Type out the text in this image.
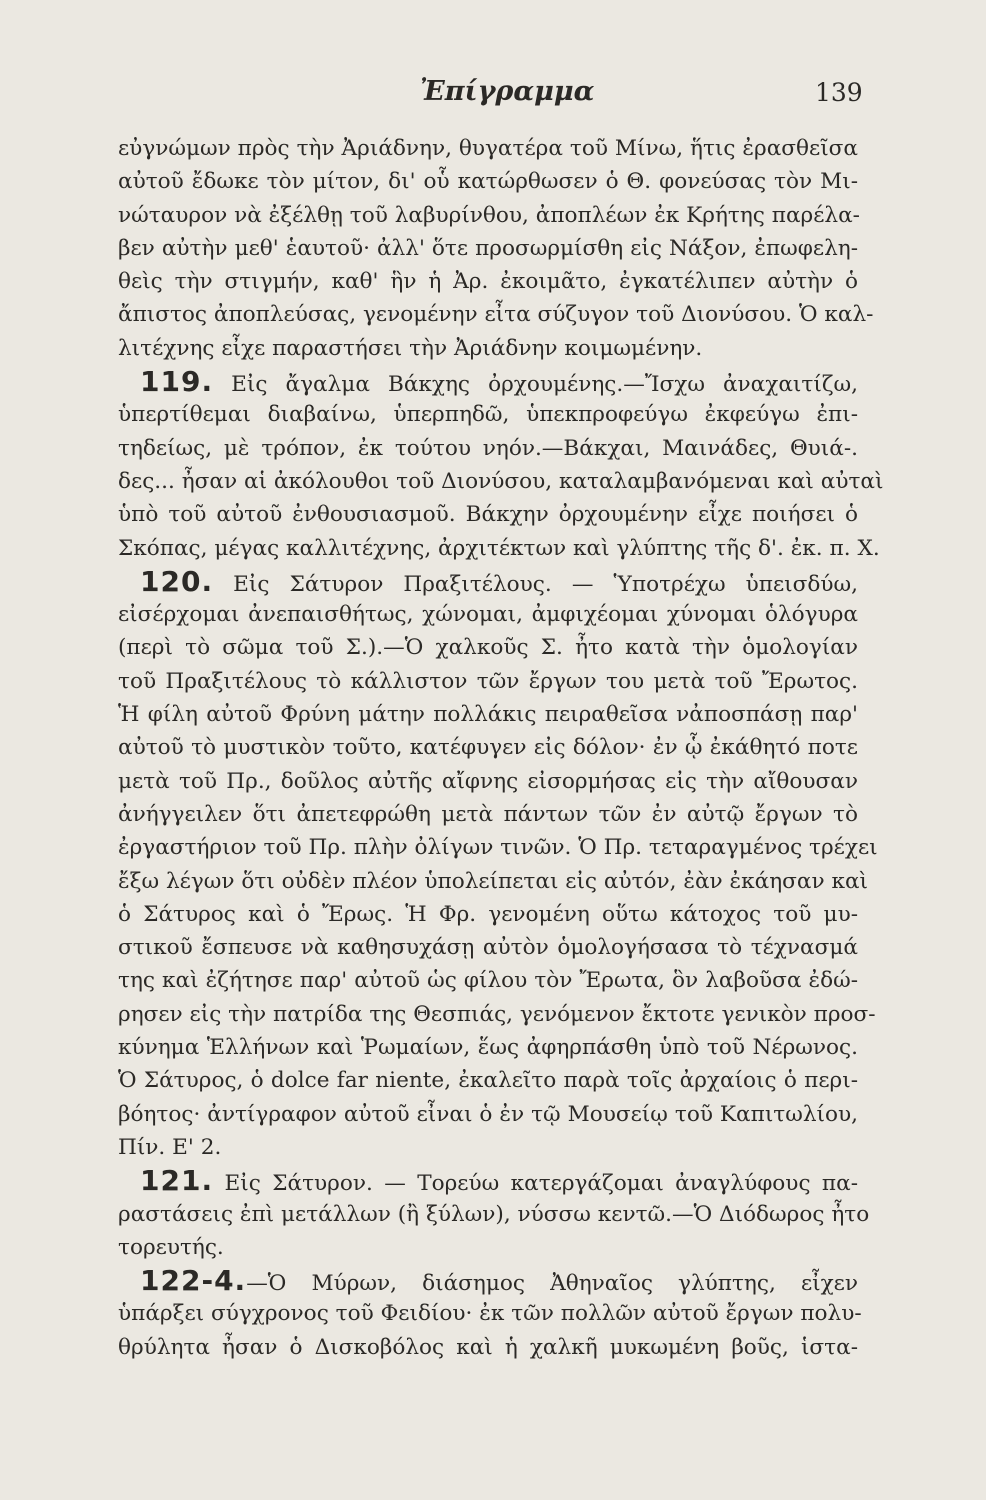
Ἐπίγραμμα	139
εὐγνώμων πρὸς τὴν Ἀριάδνην, θυγατέρα τοῦ Μίνω, ἥτις ἐρασθεῖσα
αὐτοῦ ἔδωκε τὸν μίτον, δι' οὗ κατώρθωσεν ὁ Θ. φονεύσας τὸν Μι-
νώταυρον νὰ ἐξέλθῃ τοῦ λαβυρίνθου, ἀποπλέων ἐκ Κρήτης παρέλα-
βεν αὐτὴν μεθ' ἑαυτοῦ· ἀλλ' ὅτε προσωρμίσθη εἰς Νάξον, ἐπωφελη-
θεὶς τὴν στιγμήν, καθ' ἣν ἡ Ἀρ. ἐκοιμᾶτο, ἐγκατέλιπεν αὐτὴν ὁ
ἄπιστος ἀποπλεύσας, γενομένην εἶτα σύζυγον τοῦ Διονύσου. Ὁ καλ-
λιτέχνης εἶχε παραστήσει τὴν Ἀριάδνην κοιμωμένην.
119. Εἰς ἄγαλμα Βάκχης ὀρχουμένης.—Ἴσχω ἀναχαιτίζω,
ὑπερτίθεμαι διαβαίνω, ὑπερπηδῶ, ὑπεκπροφεύγω ἐκφεύγω ἐπι-
τηδείως, μὲ τρόπον, ἐκ τούτου νηόν.—Βάκχαι, Μαινάδες, Θυιά-.
δες... ἦσαν αἱ ἀκόλουθοι τοῦ Διονύσου, καταλαμβανόμεναι καὶ αὐταὶ
ὑπὸ τοῦ αὐτοῦ ἐνθουσιασμοῦ. Βάκχην ὀρχουμένην εἶχε ποιήσει ὁ
Σκόπας, μέγας καλλιτέχνης, ἀρχιτέκτων καὶ γλύπτης τῆς δ'. ἐκ. π. Χ.
120. Εἰς Σάτυρον Πραξιτέλους. — Ὑποτρέχω ὑπεισδύω,
εἰσέρχομαι ἀνεπαισθήτως, χώνομαι, ἀμφιχέομαι χύνομαι ὁλόγυρα
(περὶ τὸ σῶμα τοῦ Σ.).—Ὁ χαλκοῦς Σ. ἦτο κατὰ τὴν ὁμολογίαν
τοῦ Πραξιτέλους τὸ κάλλιστον τῶν ἔργων του μετὰ τοῦ Ἔρωτος.
Ἡ φίλη αὐτοῦ Φρύνη μάτην πολλάκις πειραθεῖσα νἀποσπάσῃ παρ'
αὐτοῦ τὸ μυστικὸν τοῦτο, κατέφυγεν εἰς δόλον· ἐν ᾧ ἐκάθητό ποτε
μετὰ τοῦ Πρ., δοῦλος αὐτῆς αἴφνης εἰσορμήσας εἰς τὴν αἴθουσαν
ἀνήγγειλεν ὅτι ἀπετεφρώθη μετὰ πάντων τῶν ἐν αὐτῷ ἔργων τὸ
ἐργαστήριον τοῦ Πρ. πλὴν ὀλίγων τινῶν. Ὁ Πρ. τεταραγμένος τρέχει
ἔξω λέγων ὅτι οὐδὲν πλέον ὑπολείπεται εἰς αὐτόν, ἐὰν ἐκάησαν καὶ
ὁ Σάτυρος καὶ ὁ Ἔρως. Ἡ Φρ. γενομένη οὕτω κάτοχος τοῦ μυ-
στικοῦ ἔσπευσε νὰ καθησυχάσῃ αὐτὸν ὁμολογήσασα τὸ τέχνασμά
της καὶ ἐζήτησε παρ' αὐτοῦ ὡς φίλου τὸν Ἔρωτα, ὃν λαβοῦσα ἐδώ-
ρησεν εἰς τὴν πατρίδα της Θεσπιάς, γενόμενον ἔκτοτε γενικὸν προσ-
κύνημα Ἑλλήνων καὶ Ῥωμαίων, ἕως ἀφηρπάσθη ὑπὸ τοῦ Νέρωνος.
Ὁ Σάτυρος, ὁ dolce far niente, ἐκαλεῖτο παρὰ τοῖς ἀρχαίοις ὁ περι-
βόητος· ἀντίγραφον αὐτοῦ εἶναι ὁ ἐν τῷ Μουσείῳ τοῦ Καπιτωλίου,
Πίν. Ε' 2.
121. Εἰς Σάτυρον. — Τορεύω κατεργάζομαι ἀναγλύφους πα-
ραστάσεις ἐπὶ μετάλλων (ἢ ξύλων), νύσσω κεντῶ.—Ὁ Διόδωρος ἦτο
τορευτής.
122-4.—Ὁ Μύρων, διάσημος Ἀθηναῖος γλύπτης, εἶχεν
ὑπάρξει σύγχρονος τοῦ Φειδίου· ἐκ τῶν πολλῶν αὐτοῦ ἔργων πολυ-
θρύλητα ἦσαν ὁ Δισκοβόλος καὶ ἡ χαλκῆ μυκωμένη βοῦς, ἱστα-
